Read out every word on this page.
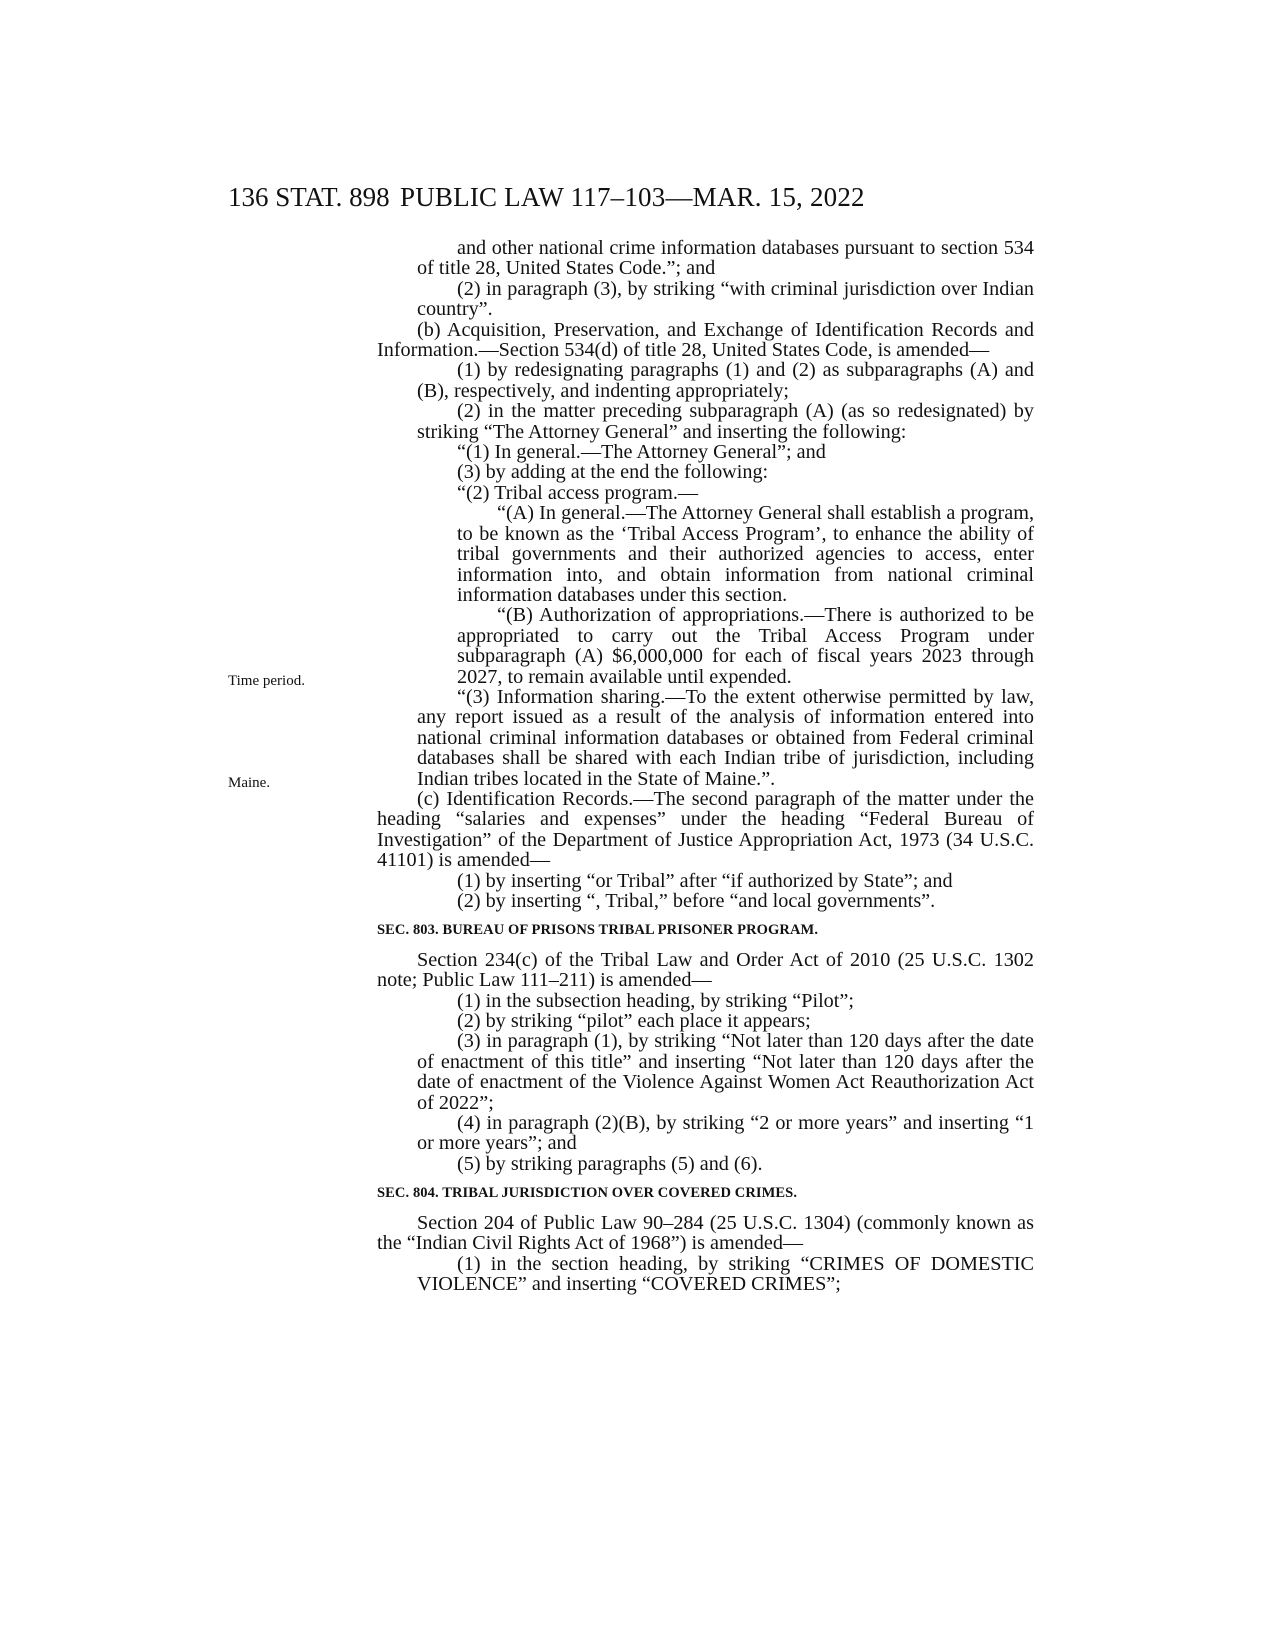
136 STAT. 898 PUBLIC LAW 117–103—MAR. 15, 2022
Time period.
Maine.

and other national crime information databases pursuant to section 534 of title 28, United States Code.”; and

(2) in paragraph (3), by striking “with criminal jurisdiction over Indian country”.

(b) Acquisition, Preservation, and Exchange of Identification Records and Information.—Section 534(d) of title 28, United States Code, is amended—

(1) by redesignating paragraphs (1) and (2) as subparagraphs (A) and (B), respectively, and indenting appropriately;

(2) in the matter preceding subparagraph (A) (as so redesignated) by striking “The Attorney General” and inserting the following:

“(1) In general.—The Attorney General”; and

(3) by adding at the end the following:

“(2) Tribal access program.—

“(A) In general.—The Attorney General shall establish a program, to be known as the ‘Tribal Access Program’, to enhance the ability of tribal governments and their authorized agencies to access, enter information into, and obtain information from national criminal information databases under this section.

“(B) Authorization of appropriations.—There is authorized to be appropriated to carry out the Tribal Access Program under subparagraph (A) $6,000,000 for each of fiscal years 2023 through 2027, to remain available until expended.

“(3) Information sharing.—To the extent otherwise permitted by law, any report issued as a result of the analysis of information entered into national criminal information databases or obtained from Federal criminal databases shall be shared with each Indian tribe of jurisdiction, including Indian tribes located in the State of Maine.”.

(c) Identification Records.—The second paragraph of the matter under the heading “salaries and expenses” under the heading “Federal Bureau of Investigation” of the Department of Justice Appropriation Act, 1973 (34 U.S.C. 41101) is amended—

(1) by inserting “or Tribal” after “if authorized by State”; and

(2) by inserting “, Tribal,” before “and local governments”.

SEC. 803. BUREAU OF PRISONS TRIBAL PRISONER PROGRAM.

Section 234(c) of the Tribal Law and Order Act of 2010 (25 U.S.C. 1302 note; Public Law 111–211) is amended—

(1) in the subsection heading, by striking “Pilot”;

(2) by striking “pilot” each place it appears;

(3) in paragraph (1), by striking “Not later than 120 days after the date of enactment of this title” and inserting “Not later than 120 days after the date of enactment of the Violence Against Women Act Reauthorization Act of 2022”;

(4) in paragraph (2)(B), by striking “2 or more years” and inserting “1 or more years”; and

(5) by striking paragraphs (5) and (6).

SEC. 804. TRIBAL JURISDICTION OVER COVERED CRIMES.

Section 204 of Public Law 90–284 (25 U.S.C. 1304) (commonly known as the “Indian Civil Rights Act of 1968”) is amended—

(1) in the section heading, by striking “CRIMES OF DOMESTIC VIOLENCE” and inserting “COVERED CRIMES”;
